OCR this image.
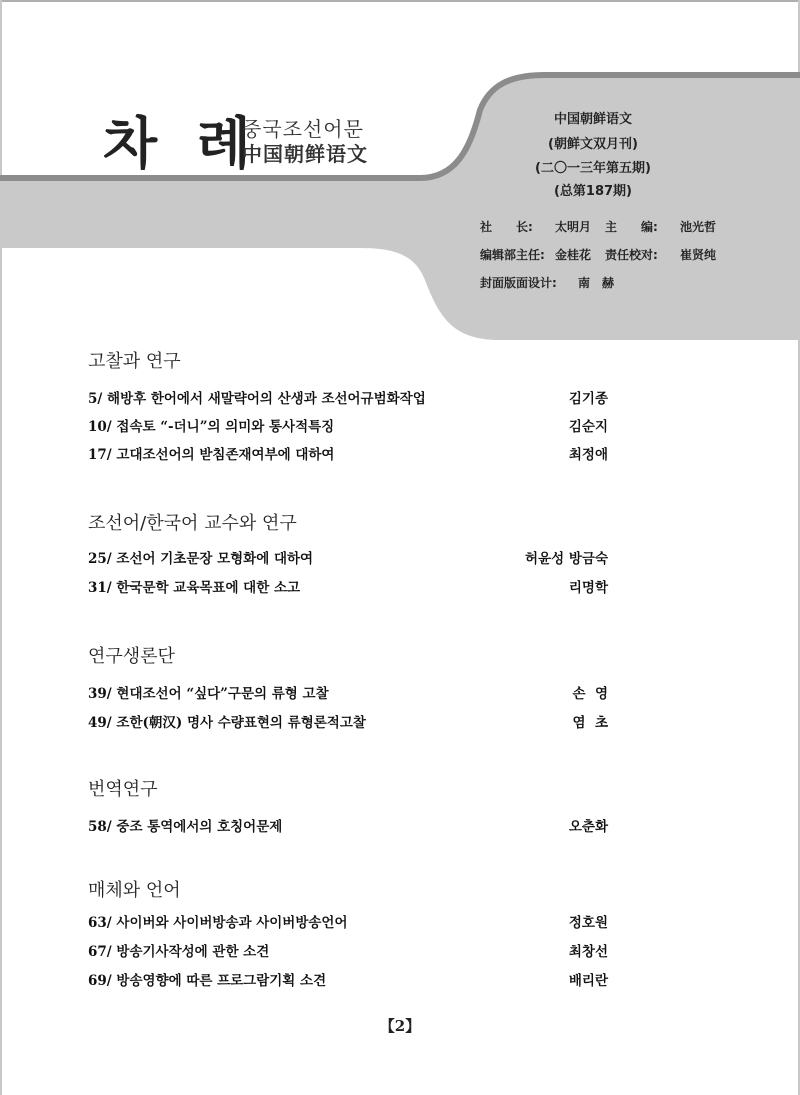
차 례
중국조선어문
中国朝鲜语文
中国朝鲜语文
(朝鲜文双月刊)
(二〇一三年第五期)
(总第187期)
社　　长: 太明月 主　　编: 池光哲
编辑部主任: 金桂花 责任校对: 崔贤纯
封面版面设计: 南　赫
고찰과 연구
5/ 해방후 한어에서 새말략어의 산생과 조선어규범화작업	김기종
10/ 접속토 “-더니”의 의미와 통사적특징	김순지
17/ 고대조선어의 받침존재여부에 대하여	최정애
조선어/한국어 교수와 연구
25/ 조선어 기초문장 모형화에 대하여	허윤성 방금숙
31/ 한국문학 교육목표에 대한 소고	리명학
연구생론단
39/ 현대조선어 “싶다”구문의 류형 고찰	손  영
49/ 조한(朝汉) 명사 수량표현의 류형론적고찰	염  초
번역연구
58/ 중조 통역에서의 호칭어문제	오춘화
매체와 언어
63/ 사이버와 사이버방송과 사이버방송언어	정호원
67/ 방송기사작성에 관한 소견	최창선
69/ 방송영향에 따른 프로그람기획 소견	배리란
【2】
